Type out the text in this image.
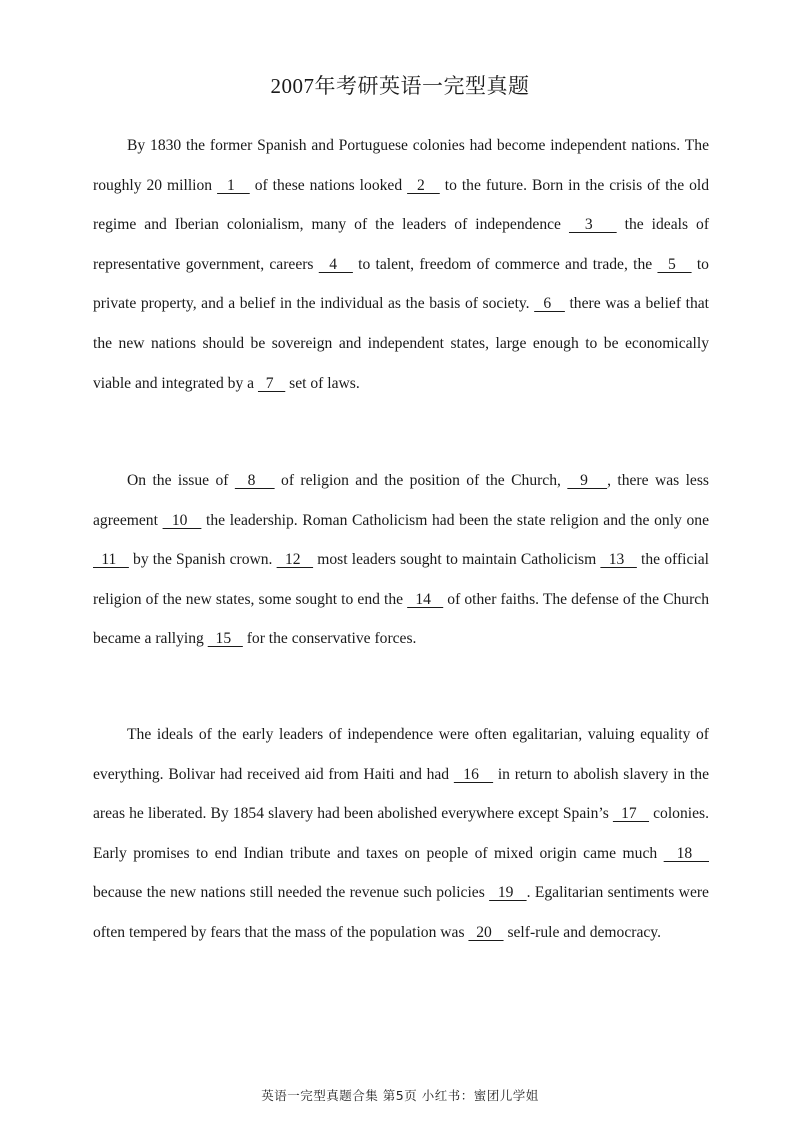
2007年考研英语一完型真题

By 1830 the former Spanish and Portuguese colonies had become independent nations. The roughly 20 million   1    of these nations looked   2    to the future. Born in the crisis of the old regime and Iberian colonialism, many of the leaders of independence   3    the ideals of representative government, careers   4    to talent, freedom of commerce and trade, the   5    to private property, and a belief in the individual as the basis of society.   6    there was a belief that the new nations should be sovereign and independent states, large enough to be economically viable and integrated by a   7    set of laws.

On the issue of   8    of religion and the position of the Church,   9   , there was less agreement   10    the leadership. Roman Catholicism had been the state religion and the only one   11    by the Spanish crown.   12    most leaders sought to maintain Catholicism   13    the official religion of the new states, some sought to end the   14    of other faiths. The defense of the Church became a rallying   15    for the conservative forces.

The ideals of the early leaders of independence were often egalitarian, valuing equality of everything. Bolivar had received aid from Haiti and had   16    in return to abolish slavery in the areas he liberated. By 1854 slavery had been abolished everywhere except Spain’s   17    colonies. Early promises to end Indian tribute and taxes on people of mixed origin came much   18    because the new nations still needed the revenue such policies   19   . Egalitarian sentiments were often tempered by fears that the mass of the population was   20    self-rule and democracy.

英语一完型真题合集 第5页 小红书：蜜团儿学姐
